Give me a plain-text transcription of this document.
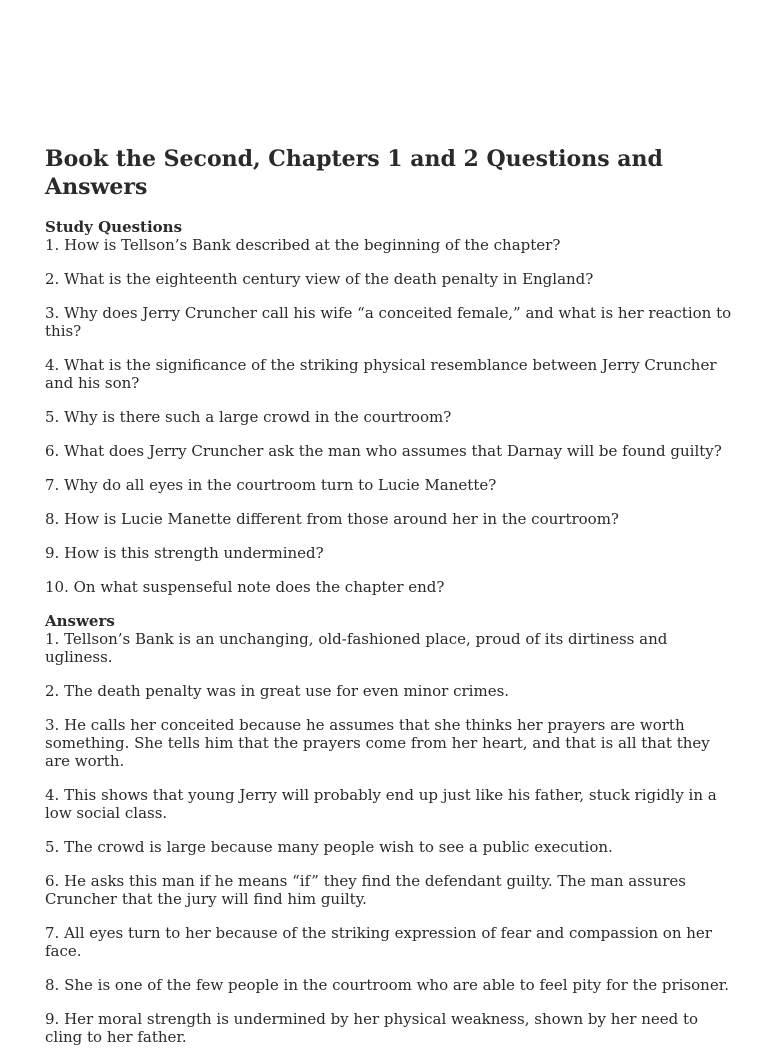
Book the Second, Chapters 1 and 2 Questions and Answers

Study Questions

1. How is Tellson’s Bank described at the beginning of the chapter?

2. What is the eighteenth century view of the death penalty in England?

3. Why does Jerry Cruncher call his wife “a conceited female,” and what is her reaction to this?

4. What is the significance of the striking physical resemblance between Jerry Cruncher and his son?

5. Why is there such a large crowd in the courtroom?

6. What does Jerry Cruncher ask the man who assumes that Darnay will be found guilty?

7. Why do all eyes in the courtroom turn to Lucie Manette?

8. How is Lucie Manette different from those around her in the courtroom?

9. How is this strength undermined?

10. On what suspenseful note does the chapter end?

Answers

1. Tellson’s Bank is an unchanging, old-fashioned place, proud of its dirtiness and ugliness.

2. The death penalty was in great use for even minor crimes.

3. He calls her conceited because he assumes that she thinks her prayers are worth something. She tells him that the prayers come from her heart, and that is all that they are worth.

4. This shows that young Jerry will probably end up just like his father, stuck rigidly in a low social class.

5. The crowd is large because many people wish to see a public execution.

6. He asks this man if he means “if” they find the defendant guilty. The man assures Cruncher that the jury will find him guilty.

7. All eyes turn to her because of the striking expression of fear and compassion on her face.

8. She is one of the few people in the courtroom who are able to feel pity for the prisoner.

9. Her moral strength is undermined by her physical weakness, shown by her need to cling to her father.
